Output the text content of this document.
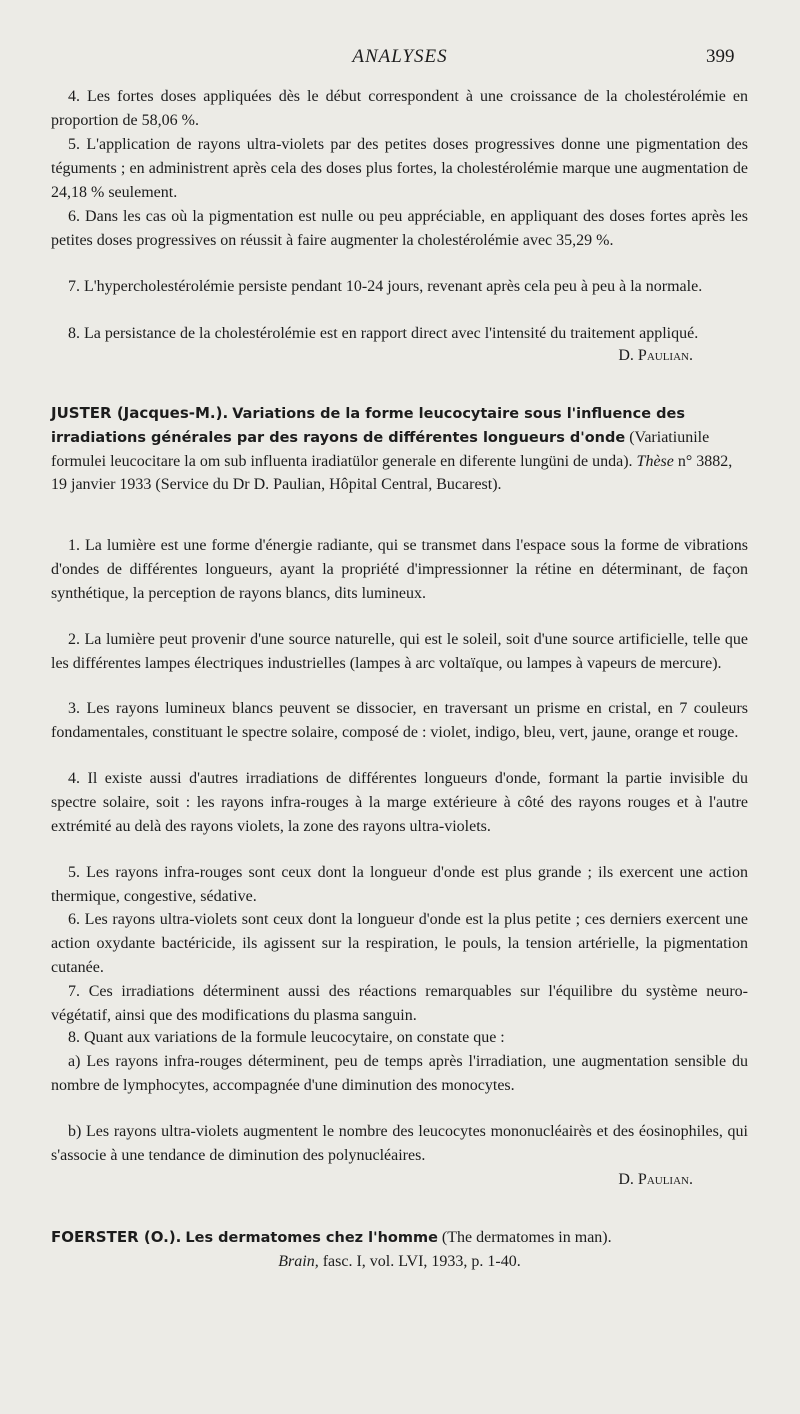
ANALYSES	399

4. Les fortes doses appliquées dès le début correspondent à une croissance de la cholestérolémie en proportion de 58,06 %.

5. L'application de rayons ultra-violets par des petites doses progressives donne une pigmentation des téguments ; en administrent après cela des doses plus fortes, la cholestérolémie marque une augmentation de 24,18 % seulement.

6. Dans les cas où la pigmentation est nulle ou peu appréciable, en appliquant des doses fortes après les petites doses progressives on réussit à faire augmenter la cholestérolémie avec 35,29 %.

7. L'hypercholestérolémie persiste pendant 10-24 jours, revenant après cela peu à peu à la normale.

8. La persistance de la cholestérolémie est en rapport direct avec l'intensité du traitement appliqué.

D. Paulian.

JUSTER (Jacques-M.). Variations de la forme leucocytaire sous l'influence des irradiations générales par des rayons de différentes longueurs d'onde (Variatiunile formulei leucocitare la om sub influenta iradiatülor generale en diferente lungüni de unda). Thèse n° 3882, 19 janvier 1933 (Service du Dr D. Paulian, Hôpital Central, Bucarest).

1. La lumière est une forme d'énergie radiante, qui se transmet dans l'espace sous la forme de vibrations d'ondes de différentes longueurs, ayant la propriété d'impressionner la rétine en déterminant, de façon synthétique, la perception de rayons blancs, dits lumineux.

2. La lumière peut provenir d'une source naturelle, qui est le soleil, soit d'une source artificielle, telle que les différentes lampes électriques industrielles (lampes à arc voltaïque, ou lampes à vapeurs de mercure).

3. Les rayons lumineux blancs peuvent se dissocier, en traversant un prisme en cristal, en 7 couleurs fondamentales, constituant le spectre solaire, composé de : violet, indigo, bleu, vert, jaune, orange et rouge.

4. Il existe aussi d'autres irradiations de différentes longueurs d'onde, formant la partie invisible du spectre solaire, soit : les rayons infra-rouges à la marge extérieure à côté des rayons rouges et à l'autre extrémité au delà des rayons violets, la zone des rayons ultra-violets.

5. Les rayons infra-rouges sont ceux dont la longueur d'onde est plus grande ; ils exercent une action thermique, congestive, sédative.

6. Les rayons ultra-violets sont ceux dont la longueur d'onde est la plus petite ; ces derniers exercent une action oxydante bactéricide, ils agissent sur la respiration, le pouls, la tension artérielle, la pigmentation cutanée.

7. Ces irradiations déterminent aussi des réactions remarquables sur l'équilibre du système neuro-végétatif, ainsi que des modifications du plasma sanguin.

8. Quant aux variations de la formule leucocytaire, on constate que :

a) Les rayons infra-rouges déterminent, peu de temps après l'irradiation, une augmentation sensible du nombre de lymphocytes, accompagnée d'une diminution des monocytes.

b) Les rayons ultra-violets augmentent le nombre des leucocytes mononucléairès et des éosinophiles, qui s'associe à une tendance de diminution des polynucléaires.

D. Paulian.

FOERSTER (O.). Les dermatomes chez l'homme (The dermatomes in man).

Brain, fasc. I, vol. LVI, 1933, p. 1-40.
